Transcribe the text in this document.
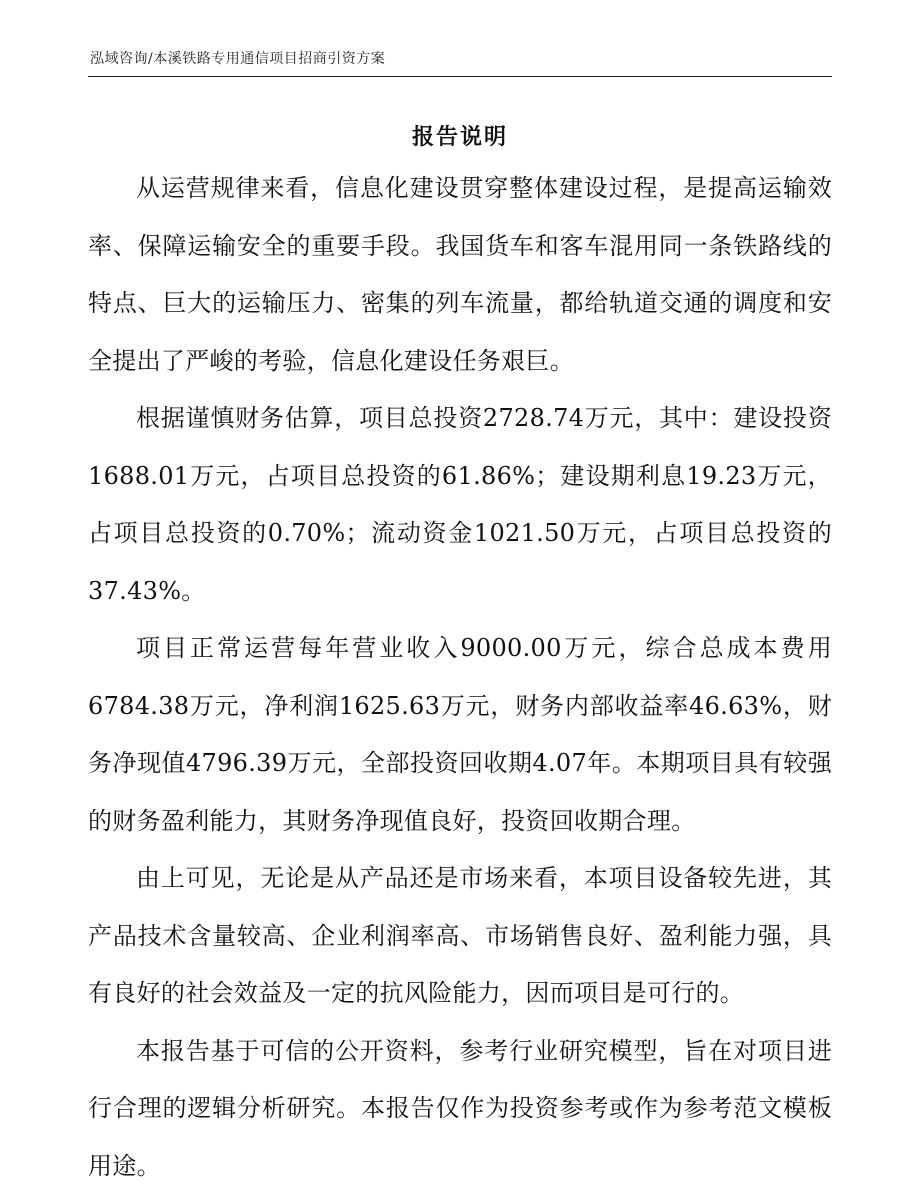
泓域咨询/本溪铁路专用通信项目招商引资方案
报告说明

从运营规律来看，信息化建设贯穿整体建设过程，是提高运输效率、保障运输安全的重要手段。我国货车和客车混用同一条铁路线的特点、巨大的运输压力、密集的列车流量，都给轨道交通的调度和安全提出了严峻的考验，信息化建设任务艰巨。

根据谨慎财务估算，项目总投资2728.74万元，其中：建设投资1688.01万元，占项目总投资的61.86%；建设期利息19.23万元，占项目总投资的0.70%；流动资金1021.50万元，占项目总投资的37.43%。

项目正常运营每年营业收入9000.00万元，综合总成本费用6784.38万元，净利润1625.63万元，财务内部收益率46.63%，财务净现值4796.39万元，全部投资回收期4.07年。本期项目具有较强的财务盈利能力，其财务净现值良好，投资回收期合理。

由上可见，无论是从产品还是市场来看，本项目设备较先进，其产品技术含量较高、企业利润率高、市场销售良好、盈利能力强，具有良好的社会效益及一定的抗风险能力，因而项目是可行的。

本报告基于可信的公开资料，参考行业研究模型，旨在对项目进行合理的逻辑分析研究。本报告仅作为投资参考或作为参考范文模板用途。
